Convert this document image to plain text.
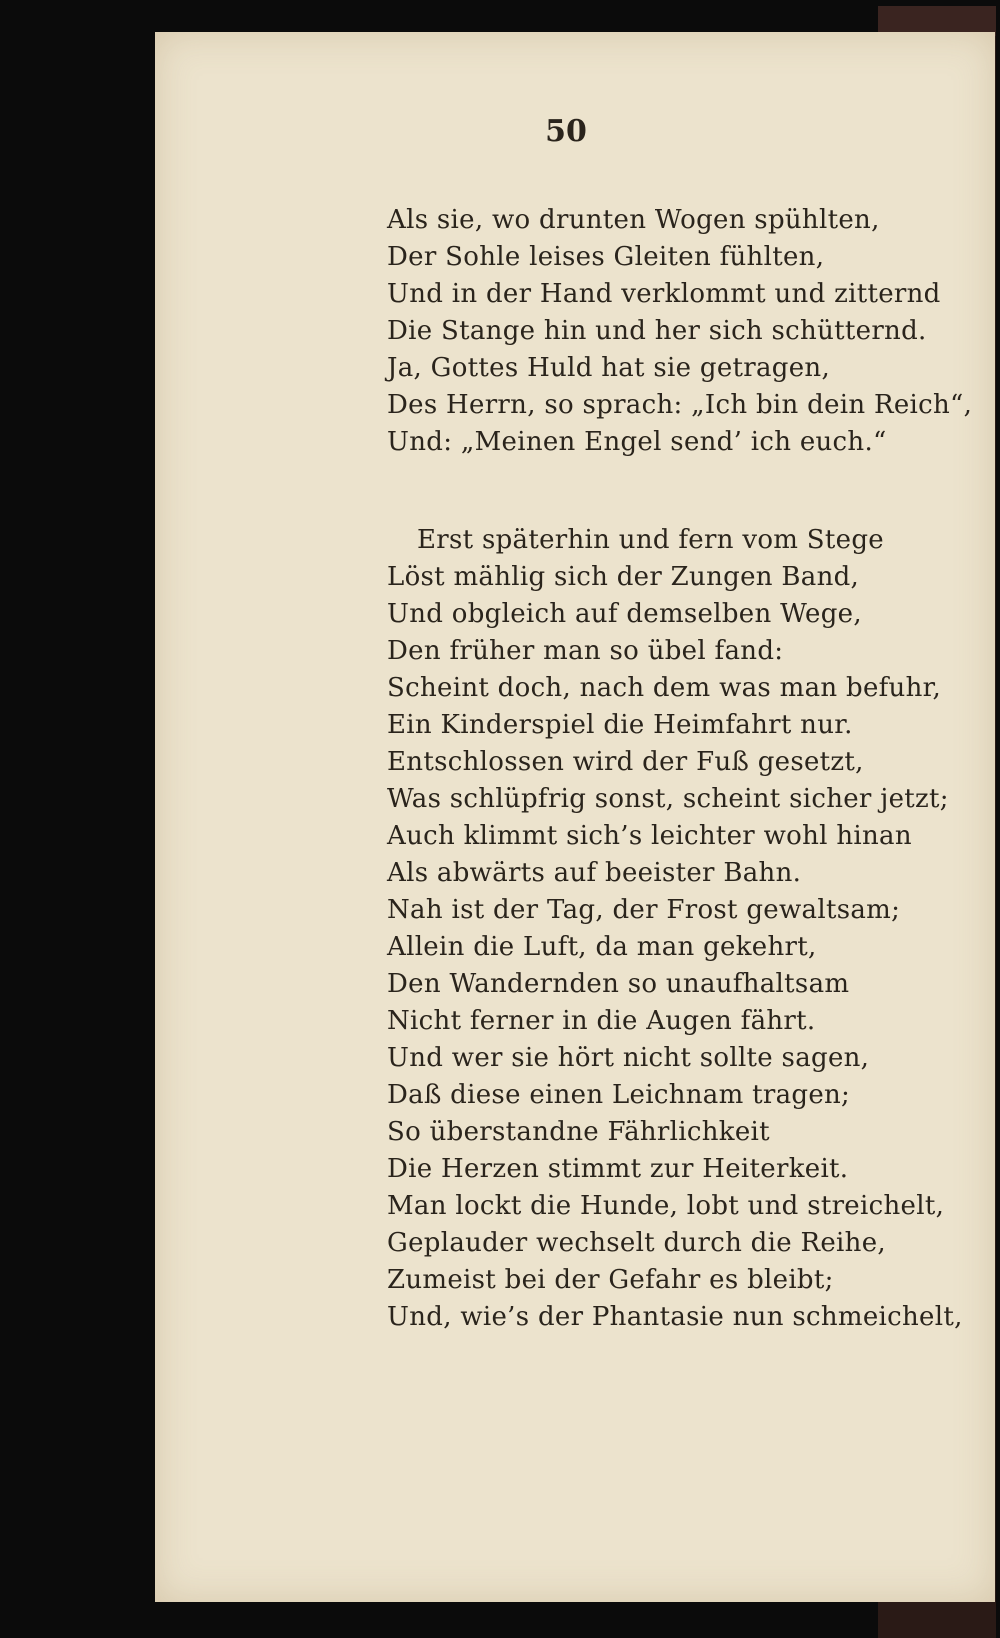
50
Als sie, wo drunten Wogen spühlten,
Der Sohle leises Gleiten fühlten,
Und in der Hand verklommt und zitternd
Die Stange hin und her sich schütternd.
Ja, Gottes Huld hat sie getragen,
Des Herrn, so sprach: „Ich bin dein Reich“,
Und: „Meinen Engel send’ ich euch.“
Erst späterhin und fern vom Stege
Löst mählig sich der Zungen Band,
Und obgleich auf demselben Wege,
Den früher man so übel fand:
Scheint doch, nach dem was man befuhr,
Ein Kinderspiel die Heimfahrt nur.
Entschlossen wird der Fuß gesetzt,
Was schlüpfrig sonst, scheint sicher jetzt;
Auch klimmt sich’s leichter wohl hinan
Als abwärts auf beeister Bahn.
Nah ist der Tag, der Frost gewaltsam;
Allein die Luft, da man gekehrt,
Den Wandernden so unaufhaltsam
Nicht ferner in die Augen fährt.
Und wer sie hört nicht sollte sagen,
Daß diese einen Leichnam tragen;
So überstandne Fährlichkeit
Die Herzen stimmt zur Heiterkeit.
Man lockt die Hunde, lobt und streichelt,
Geplauder wechselt durch die Reihe,
Zumeist bei der Gefahr es bleibt;
Und, wie’s der Phantasie nun schmeichelt,
